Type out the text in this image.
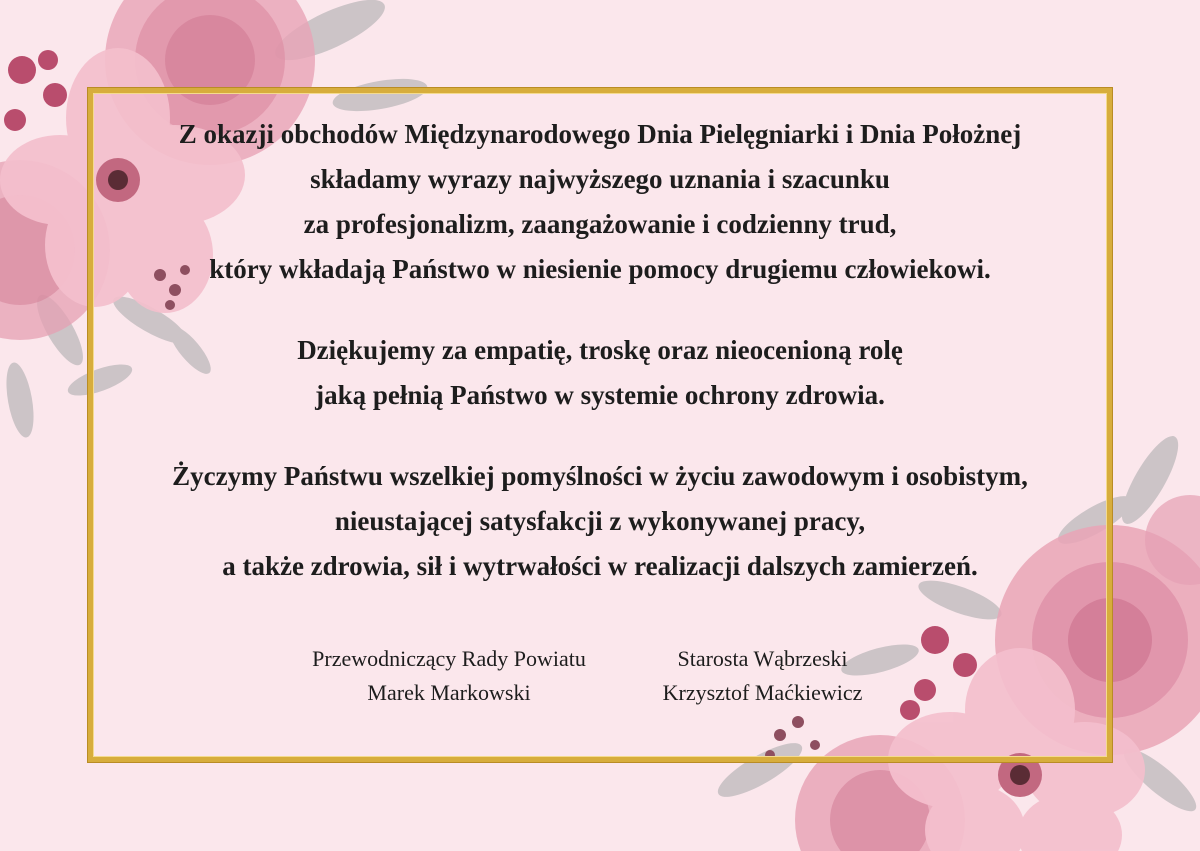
Z okazji obchodów Międzynarodowego Dnia Pielęgniarki i Dnia Położnej

składamy wyrazy najwyższego uznania i szacunku

za profesjonalizm, zaangażowanie i codzienny trud,

który wkładają Państwo w niesienie pomocy drugiemu człowiekowi.

Dziękujemy za empatię, troskę oraz nieocenioną rolę

jaką pełnią Państwo w systemie ochrony zdrowia.

Życzymy Państwu wszelkiej pomyślności w życiu zawodowym i osobistym,

nieustającej satysfakcji z wykonywanej pracy,

a także zdrowia, sił i wytrwałości w realizacji dalszych zamierzeń.

Przewodniczący Rady Powiatu
Marek Markowski
Starosta Wąbrzeski
Krzysztof Maćkiewicz
